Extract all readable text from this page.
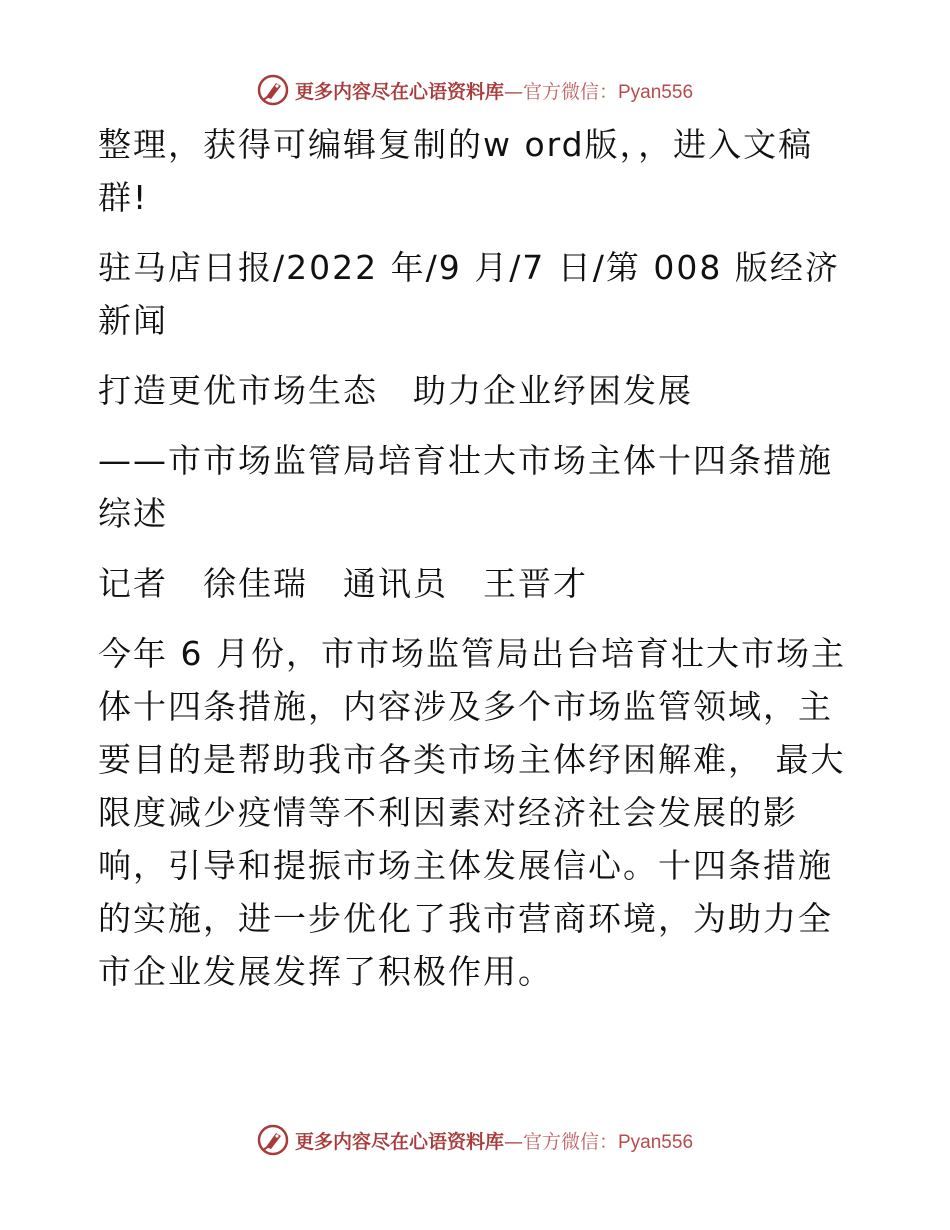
更多内容尽在心语资料库—官方微信：Pyan556

整理，获得可编辑复制的w ord版，，进入文稿群!

驻马店日报/2022 年/9 月/7 日/第 008 版经济新闻

打造更优市场生态　助力企业纾困发展

——市市场监管局培育壮大市场主体十四条措施综述

记者　徐佳瑞　通讯员　王晋才

今年 6 月份，市市场监管局出台培育壮大市场主体十四条措施，内容涉及多个市场监管领域，主要目的是帮助我市各类市场主体纾困解难， 最大限度减少疫情等不利因素对经济社会发展的影响，引导和提振市场主体发展信心。十四条措施的实施，进一步优化了我市营商环境，为助力全市企业发展发挥了积极作用。

更多内容尽在心语资料库—官方微信：Pyan556
